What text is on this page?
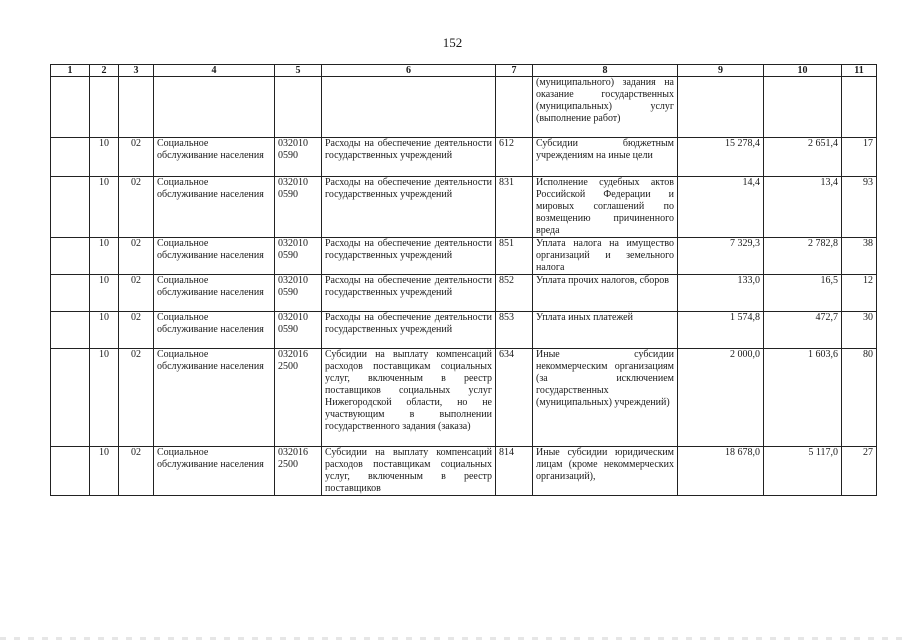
152
1	2	3	4	5	6	7	8	9	10	11
							(муниципального) задания на оказание государственных (муниципальных) услуг (выполнение работ)			
	10	02	Социальное обслуживание населения	032010 0590	Расходы на обеспечение деятельности государственных учреждений	612	Субсидии бюджетным учреждениям на иные цели	15 278,4	2 651,4	17
	10	02	Социальное обслуживание населения	032010 0590	Расходы на обеспечение деятельности государственных учреждений	831	Исполнение судебных актов Российской Федерации и мировых соглашений по возмещению причиненного вреда	14,4	13,4	93
	10	02	Социальное обслуживание населения	032010 0590	Расходы на обеспечение деятельности государственных учреждений	851	Уплата налога на имущество организаций и земельного налога	7 329,3	2 782,8	38
	10	02	Социальное обслуживание населения	032010 0590	Расходы на обеспечение деятельности государственных учреждений	852	Уплата прочих налогов, сборов	133,0	16,5	12
	10	02	Социальное обслуживание населения	032010 0590	Расходы на обеспечение деятельности государственных учреждений	853	Уплата иных платежей	1 574,8	472,7	30
	10	02	Социальное обслуживание населения	032016 2500	Субсидии на выплату компенсаций расходов поставщикам социальных услуг, включенным в реестр поставщиков социальных услуг Нижегородской области, но не участвующим в выполнении государственного задания (заказа)	634	Иные субсидии некоммерческим организациям (за исключением государственных (муниципальных) учреждений)	2 000,0	1 603,6	80
	10	02	Социальное обслуживание населения	032016 2500	Субсидии на выплату компенсаций расходов поставщикам социальных услуг, включенным в реестр поставщиков	814	Иные субсидии юридическим лицам (кроме некоммерческих организаций),	18 678,0	5 117,0	27
